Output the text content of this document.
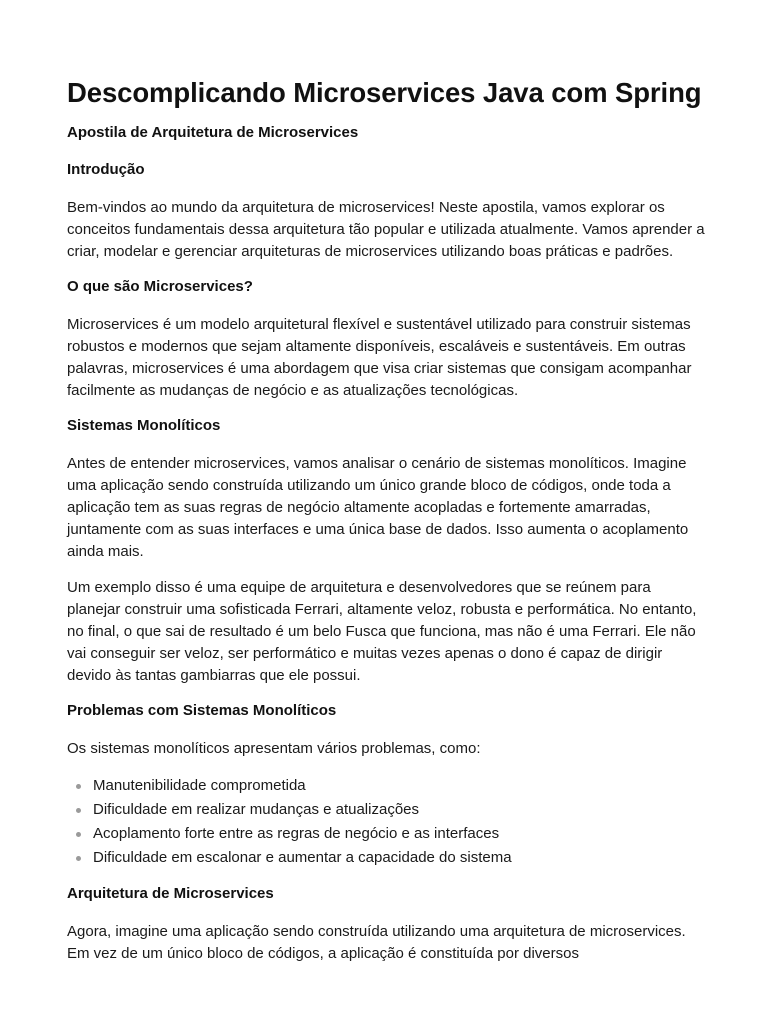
Descomplicando Microservices Java com Spring
Apostila de Arquitetura de Microservices
Introdução

Bem-vindos ao mundo da arquitetura de microservices! Neste apostila, vamos explorar os conceitos fundamentais dessa arquitetura tão popular e utilizada atualmente. Vamos aprender a criar, modelar e gerenciar arquiteturas de microservices utilizando boas práticas e padrões.

O que são Microservices?

Microservices é um modelo arquitetural flexível e sustentável utilizado para construir sistemas robustos e modernos que sejam altamente disponíveis, escaláveis e sustentáveis. Em outras palavras, microservices é uma abordagem que visa criar sistemas que consigam acompanhar facilmente as mudanças de negócio e as atualizações tecnológicas.

Sistemas Monolíticos

Antes de entender microservices, vamos analisar o cenário de sistemas monolíticos. Imagine uma aplicação sendo construída utilizando um único grande bloco de códigos, onde toda a aplicação tem as suas regras de negócio altamente acopladas e fortemente amarradas, juntamente com as suas interfaces e uma única base de dados. Isso aumenta o acoplamento ainda mais.

Um exemplo disso é uma equipe de arquitetura e desenvolvedores que se reúnem para planejar construir uma sofisticada Ferrari, altamente veloz, robusta e performática. No entanto, no final, o que sai de resultado é um belo Fusca que funciona, mas não é uma Ferrari. Ele não vai conseguir ser veloz, ser performático e muitas vezes apenas o dono é capaz de dirigir devido às tantas gambiarras que ele possui.

Problemas com Sistemas Monolíticos

Os sistemas monolíticos apresentam vários problemas, como:

Manutenibilidade comprometida
Dificuldade em realizar mudanças e atualizações
Acoplamento forte entre as regras de negócio e as interfaces
Dificuldade em escalonar e aumentar a capacidade do sistema
Arquitetura de Microservices

Agora, imagine uma aplicação sendo construída utilizando uma arquitetura de microservices. Em vez de um único bloco de códigos, a aplicação é constituída por diversos
